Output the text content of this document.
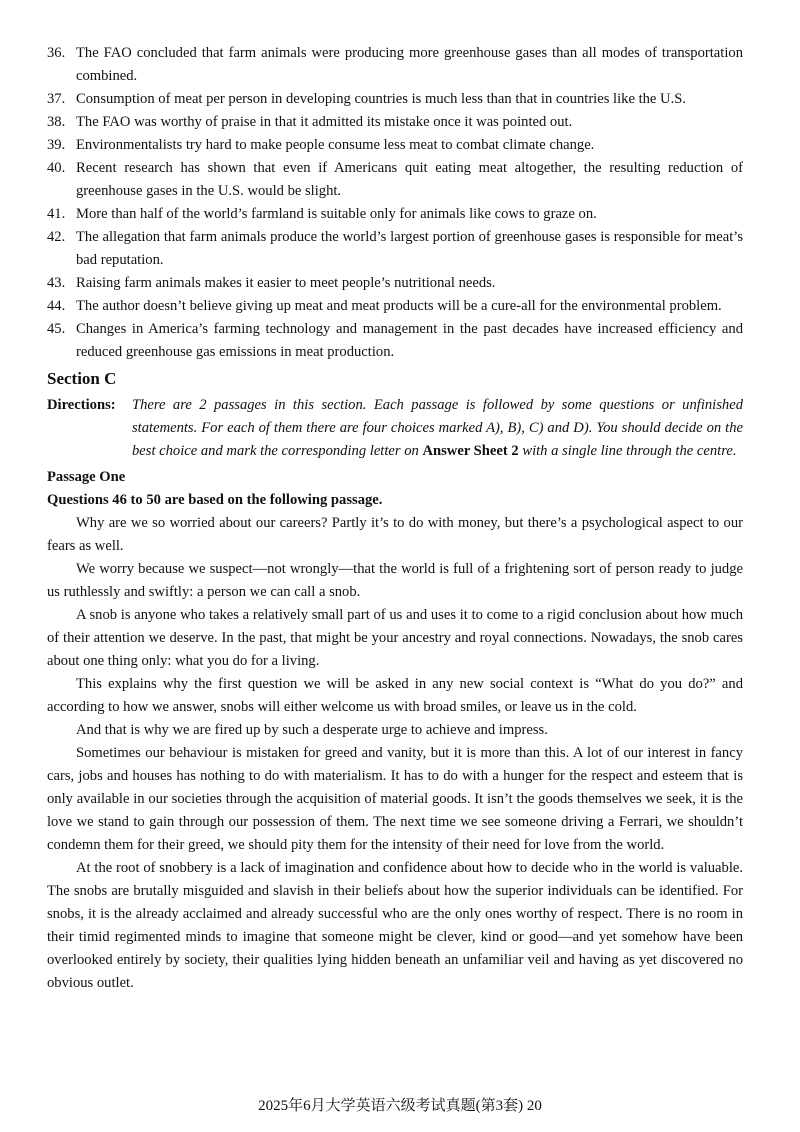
36. The FAO concluded that farm animals were producing more greenhouse gases than all modes of transportation combined.
37. Consumption of meat per person in developing countries is much less than that in countries like the U.S.
38. The FAO was worthy of praise in that it admitted its mistake once it was pointed out.
39. Environmentalists try hard to make people consume less meat to combat climate change.
40. Recent research has shown that even if Americans quit eating meat altogether, the resulting reduction of greenhouse gases in the U.S. would be slight.
41. More than half of the world’s farmland is suitable only for animals like cows to graze on.
42. The allegation that farm animals produce the world’s largest portion of greenhouse gases is responsible for meat’s bad reputation.
43. Raising farm animals makes it easier to meet people’s nutritional needs.
44. The author doesn’t believe giving up meat and meat products will be a cure-all for the environmental problem.
45. Changes in America’s farming technology and management in the past decades have increased efficiency and reduced greenhouse gas emissions in meat production.
Section C
Directions: There are 2 passages in this section. Each passage is followed by some questions or unfinished statements. For each of them there are four choices marked A), B), C) and D). You should decide on the best choice and mark the corresponding letter on Answer Sheet 2 with a single line through the centre.
Passage One
Questions 46 to 50 are based on the following passage.

Why are we so worried about our careers? Partly it’s to do with money, but there’s a psychological aspect to our fears as well.

We worry because we suspect—not wrongly—that the world is full of a frightening sort of person ready to judge us ruthlessly and swiftly: a person we can call a snob.

A snob is anyone who takes a relatively small part of us and uses it to come to a rigid conclusion about how much of their attention we deserve. In the past, that might be your ancestry and royal connections. Nowadays, the snob cares about one thing only: what you do for a living.

This explains why the first question we will be asked in any new social context is “What do you do?” and according to how we answer, snobs will either welcome us with broad smiles, or leave us in the cold.

And that is why we are fired up by such a desperate urge to achieve and impress.

Sometimes our behaviour is mistaken for greed and vanity, but it is more than this. A lot of our interest in fancy cars, jobs and houses has nothing to do with materialism. It has to do with a hunger for the respect and esteem that is only available in our societies through the acquisition of material goods. It isn’t the goods themselves we seek, it is the love we stand to gain through our possession of them. The next time we see someone driving a Ferrari, we shouldn’t condemn them for their greed, we should pity them for the intensity of their need for love from the world.

At the root of snobbery is a lack of imagination and confidence about how to decide who in the world is valuable. The snobs are brutally misguided and slavish in their beliefs about how the superior individuals can be identified. For snobs, it is the already acclaimed and already successful who are the only ones worthy of respect. There is no room in their timid regimented minds to imagine that someone might be clever, kind or good—and yet somehow have been overlooked entirely by society, their qualities lying hidden beneath an unfamiliar veil and having as yet discovered no obvious outlet.

2025年6月大学英语六级考试真题(第3套) 20
